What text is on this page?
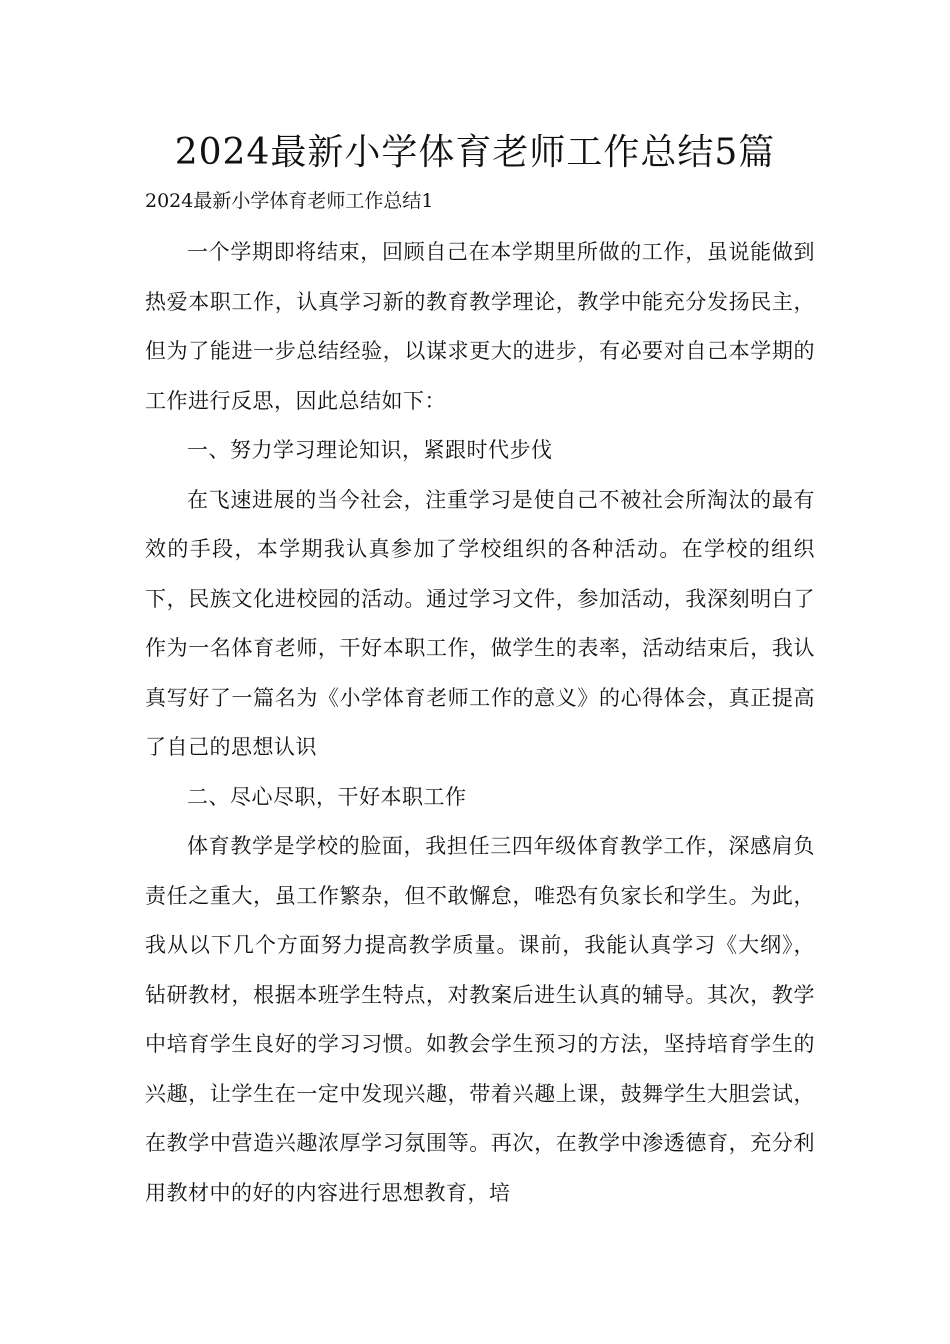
2024最新小学体育老师工作总结5篇

2024最新小学体育老师工作总结1

一个学期即将结束，回顾自己在本学期里所做的工作，虽说能做到热爱本职工作，认真学习新的教育教学理论，教学中能充分发扬民主，但为了能进一步总结经验，以谋求更大的进步，有必要对自己本学期的工作进行反思，因此总结如下：

一、努力学习理论知识，紧跟时代步伐

在飞速进展的当今社会，注重学习是使自己不被社会所淘汰的最有效的手段，本学期我认真参加了学校组织的各种活动。在学校的组织下，民族文化进校园的活动。通过学习文件，参加活动，我深刻明白了作为一名体育老师，干好本职工作，做学生的表率，活动结束后，我认真写好了一篇名为《小学体育老师工作的意义》的心得体会，真正提高了自己的思想认识

二、尽心尽职，干好本职工作

体育教学是学校的脸面，我担任三四年级体育教学工作，深感肩负责任之重大，虽工作繁杂，但不敢懈怠，唯恐有负家长和学生。为此，我从以下几个方面努力提高教学质量。课前，我能认真学习《大纲》，钻研教材，根据本班学生特点，对教案后进生认真的辅导。其次，教学中培育学生良好的学习习惯。如教会学生预习的方法，坚持培育学生的兴趣，让学生在一定中发现兴趣，带着兴趣上课，鼓舞学生大胆尝试，在教学中营造兴趣浓厚学习氛围等。再次，在教学中渗透德育，充分利用教材中的好的内容进行思想教育，培
